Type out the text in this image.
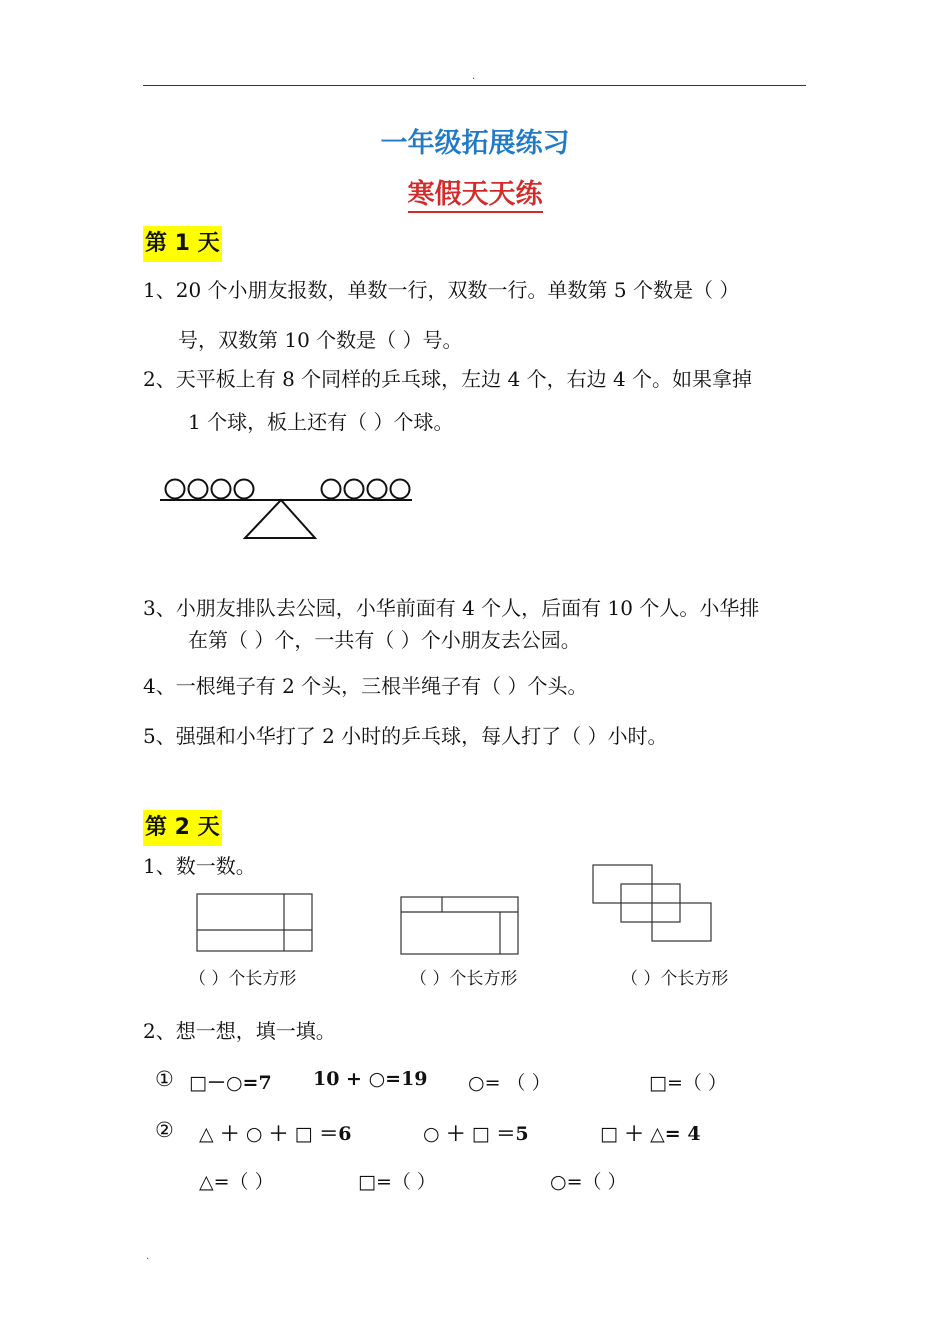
·
一年级拓展练习
寒假天天练
第 1 天
1、20 个小朋友报数，单数一行，双数一行。单数第 5 个数是（ ）
号，双数第 10 个数是（ ）号。
2、天平板上有 8 个同样的乒乓球，左边 4 个，右边 4 个。如果拿掉
1 个球，板上还有（ ）个球。
3、小朋友排队去公园，小华前面有 4 个人，后面有 10 个人。小华排
在第（ ）个，一共有（ ）个小朋友去公园。
4、一根绳子有 2 个头，三根半绳子有（ ）个头。
5、强强和小华打了 2 小时的乒乓球，每人打了（ ）小时。
第 2 天
1、数一数。
（ ）个长方形	（ ）个长方形	（ ）个长方形
2、想一想，填一填。
① □－○=7 10 + ○=19 ○= （ ）	□=（ ）
② △ ＋ ○ ＋ □ ＝6	○ ＋ □ ＝5	□ ＋ △= 4
△=（ ）	□=（ ）	○=（ ）
·
